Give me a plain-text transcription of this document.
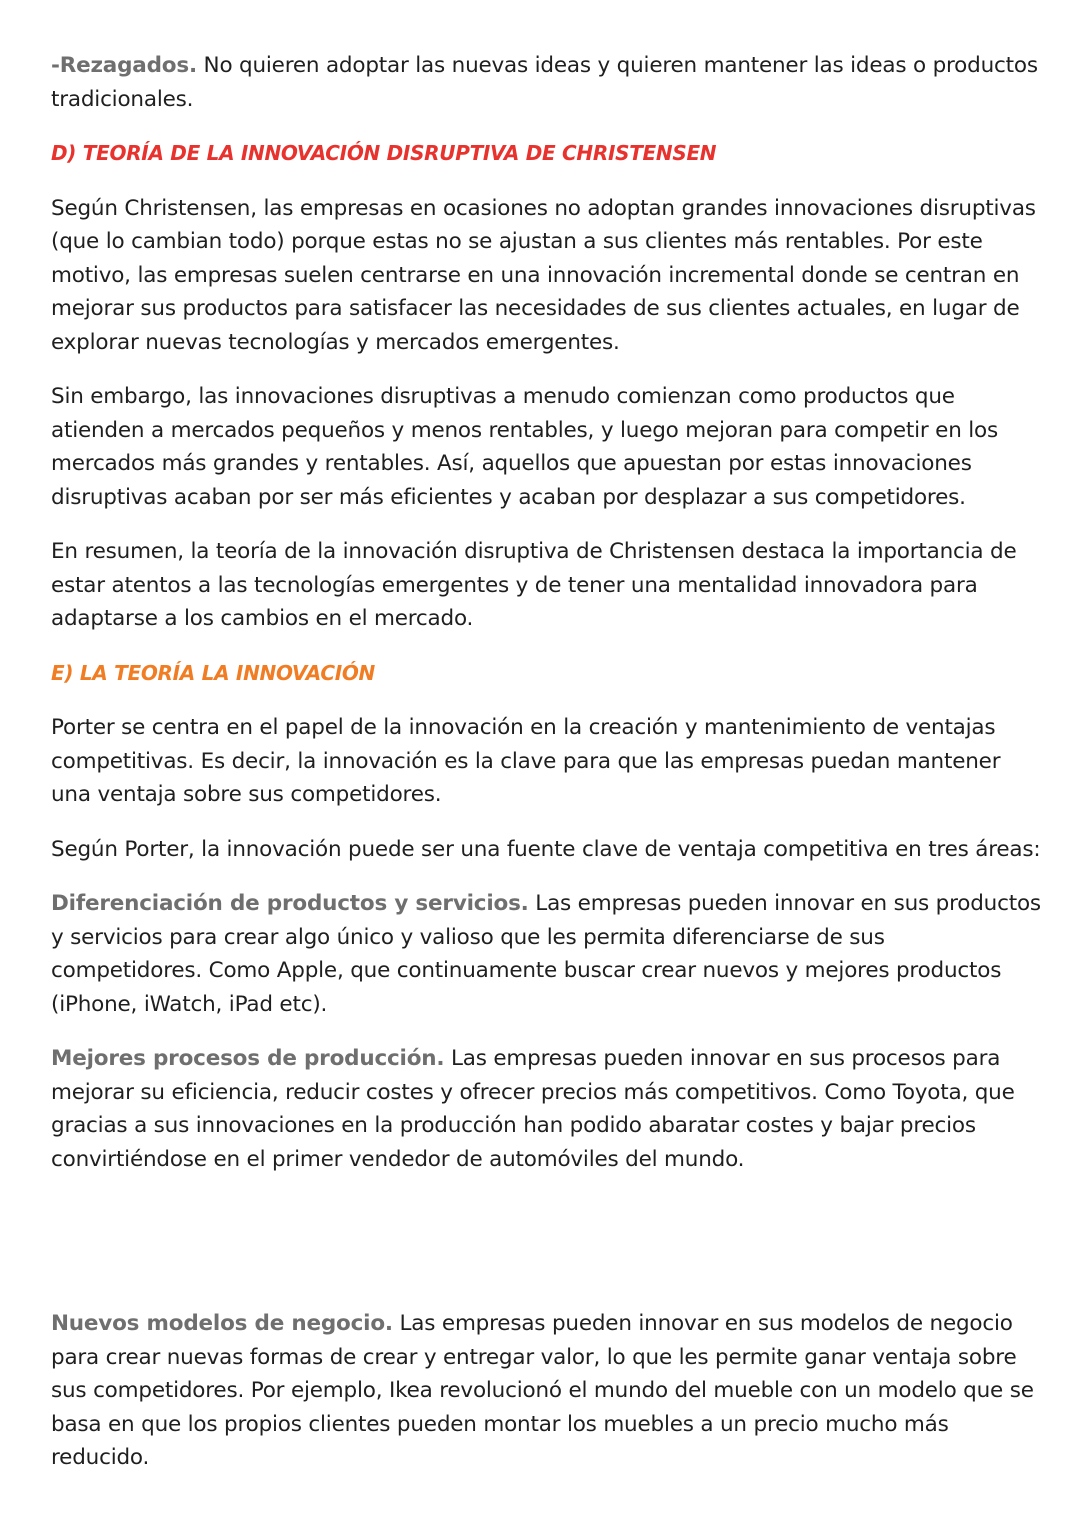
-Rezagados. No quieren adoptar las nuevas ideas y quieren mantener las ideas o productos tradicionales.

D) TEORÍA DE LA INNOVACIÓN DISRUPTIVA DE CHRISTENSEN

Según Christensen, las empresas en ocasiones no adoptan grandes innovaciones disruptivas (que lo cambian todo) porque estas no se ajustan a sus clientes más rentables. Por este motivo, las empresas suelen centrarse en una innovación incremental donde se centran en mejorar sus productos para satisfacer las necesidades de sus clientes actuales, en lugar de explorar nuevas tecnologías y mercados emergentes.

Sin embargo, las innovaciones disruptivas a menudo comienzan como productos que atienden a mercados pequeños y menos rentables, y luego mejoran para competir en los mercados más grandes y rentables. Así, aquellos que apuestan por estas innovaciones disruptivas acaban por ser más eficientes y acaban por desplazar a sus competidores.

En resumen, la teoría de la innovación disruptiva de Christensen destaca la importancia de estar atentos a las tecnologías emergentes y de tener una mentalidad innovadora para adaptarse a los cambios en el mercado.

E) LA TEORÍA LA INNOVACIÓN

Porter se centra en el papel de la innovación en la creación y mantenimiento de ventajas competitivas. Es decir, la innovación es la clave para que las empresas puedan mantener una ventaja sobre sus competidores.

Según Porter, la innovación puede ser una fuente clave de ventaja competitiva en tres áreas:

Diferenciación de productos y servicios. Las empresas pueden innovar en sus productos y servicios para crear algo único y valioso que les permita diferenciarse de sus competidores. Como Apple, que continuamente buscar crear nuevos y mejores productos (iPhone, iWatch, iPad etc).

Mejores procesos de producción. Las empresas pueden innovar en sus procesos para mejorar su eficiencia, reducir costes y ofrecer precios más competitivos. Como Toyota, que gracias a sus innovaciones en la producción han podido abaratar costes y bajar precios convirtiéndose en el primer vendedor de automóviles del mundo.

Nuevos modelos de negocio. Las empresas pueden innovar en sus modelos de negocio para crear nuevas formas de crear y entregar valor, lo que les permite ganar ventaja sobre sus competidores. Por ejemplo, Ikea revolucionó el mundo del mueble con un modelo que se basa en que los propios clientes pueden montar los muebles a un precio mucho más reducido.
